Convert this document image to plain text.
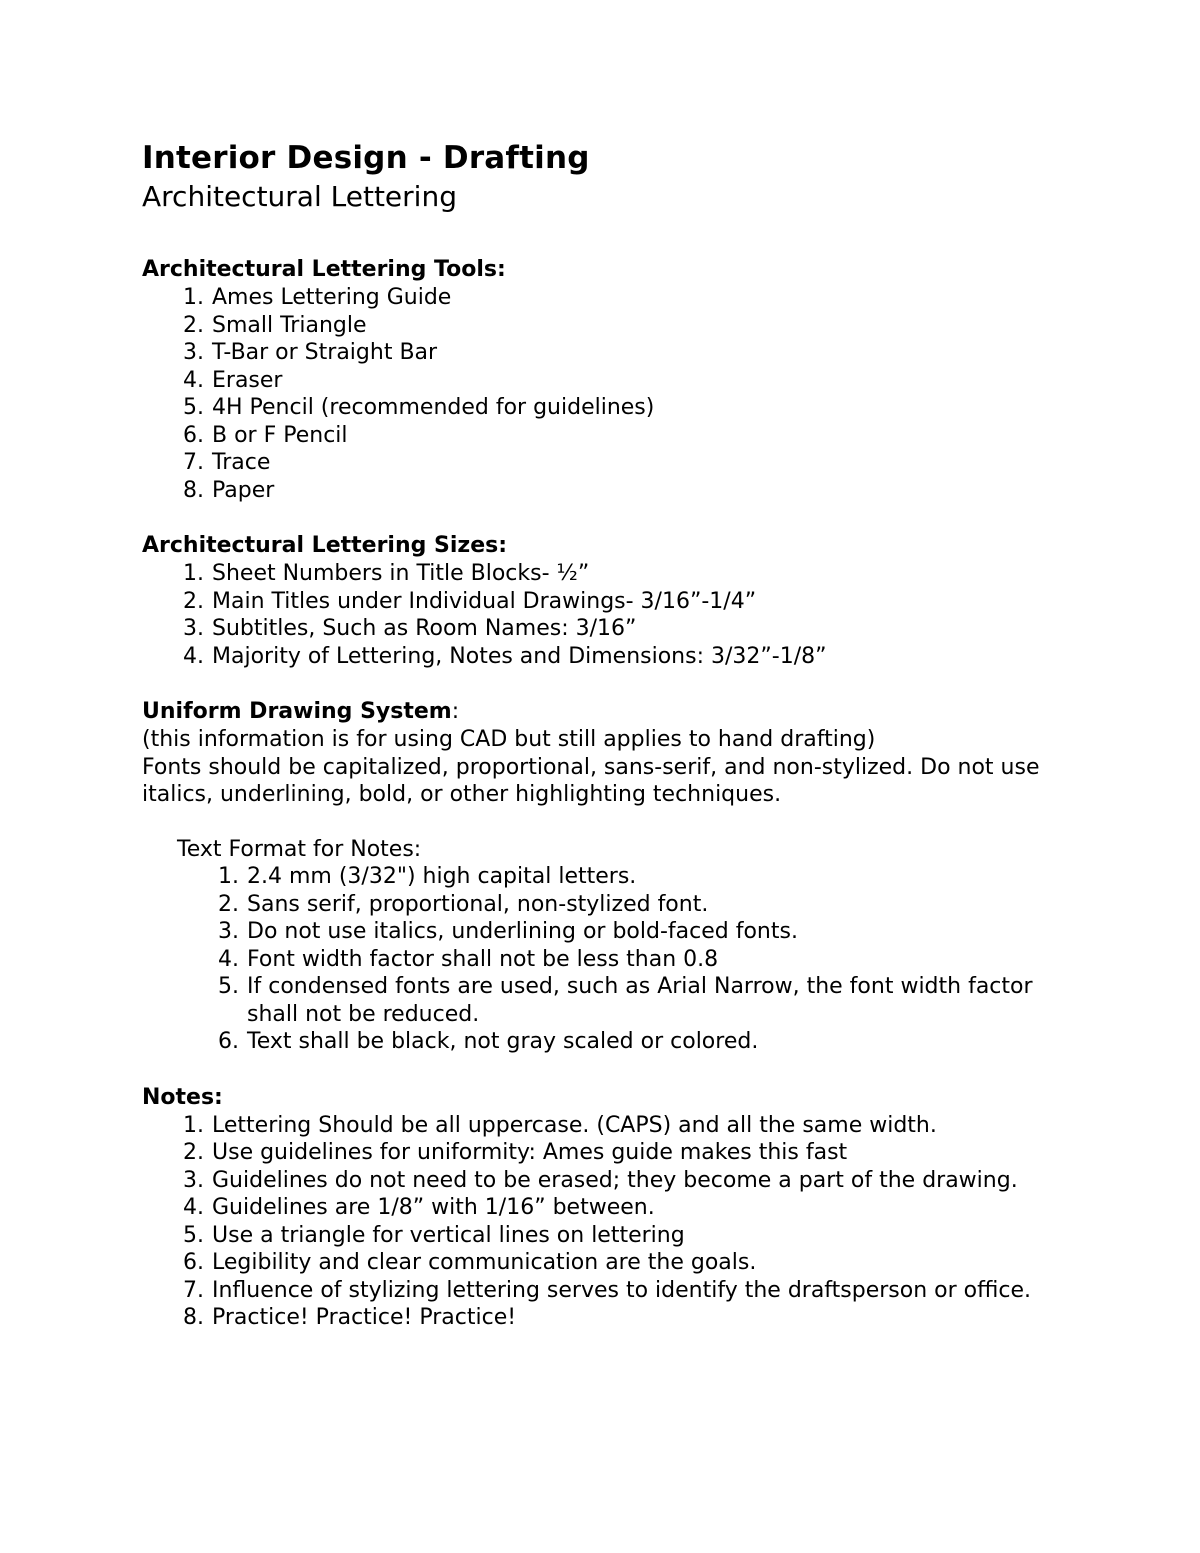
Interior Design - Drafting
Architectural Lettering
Architectural Lettering Tools:
1. Ames Lettering Guide
2. Small Triangle
3. T-Bar or Straight Bar
4. Eraser
5. 4H Pencil (recommended for guidelines)
6. B or F Pencil
7. Trace
8. Paper
Architectural Lettering Sizes:
1. Sheet Numbers in Title Blocks- ½”
2. Main Titles under Individual Drawings- 3/16”-1/4”
3. Subtitles, Such as Room Names: 3/16”
4. Majority of Lettering, Notes and Dimensions: 3/32”-1/8”
Uniform Drawing System:

(this information is for using CAD but still applies to hand drafting)

Fonts should be capitalized, proportional, sans-serif, and non-stylized. Do not use italics, underlining, bold, or other highlighting techniques.

Text Format for Notes:
1. 2.4 mm (3/32") high capital letters.
2. Sans serif, proportional, non-stylized font.
3. Do not use italics, underlining or bold-faced fonts.
4. Font width factor shall not be less than 0.8
5. If condensed fonts are used, such as Arial Narrow, the font width factor shall not be reduced.
6. Text shall be black, not gray scaled or colored.
Notes:
1. Lettering Should be all uppercase. (CAPS) and all the same width.
2. Use guidelines for uniformity: Ames guide makes this fast
3. Guidelines do not need to be erased; they become a part of the drawing.
4. Guidelines are 1/8” with 1/16” between.
5. Use a triangle for vertical lines on lettering
6. Legibility and clear communication are the goals.
7. Influence of stylizing lettering serves to identify the draftsperson or office.
8. Practice! Practice! Practice!
